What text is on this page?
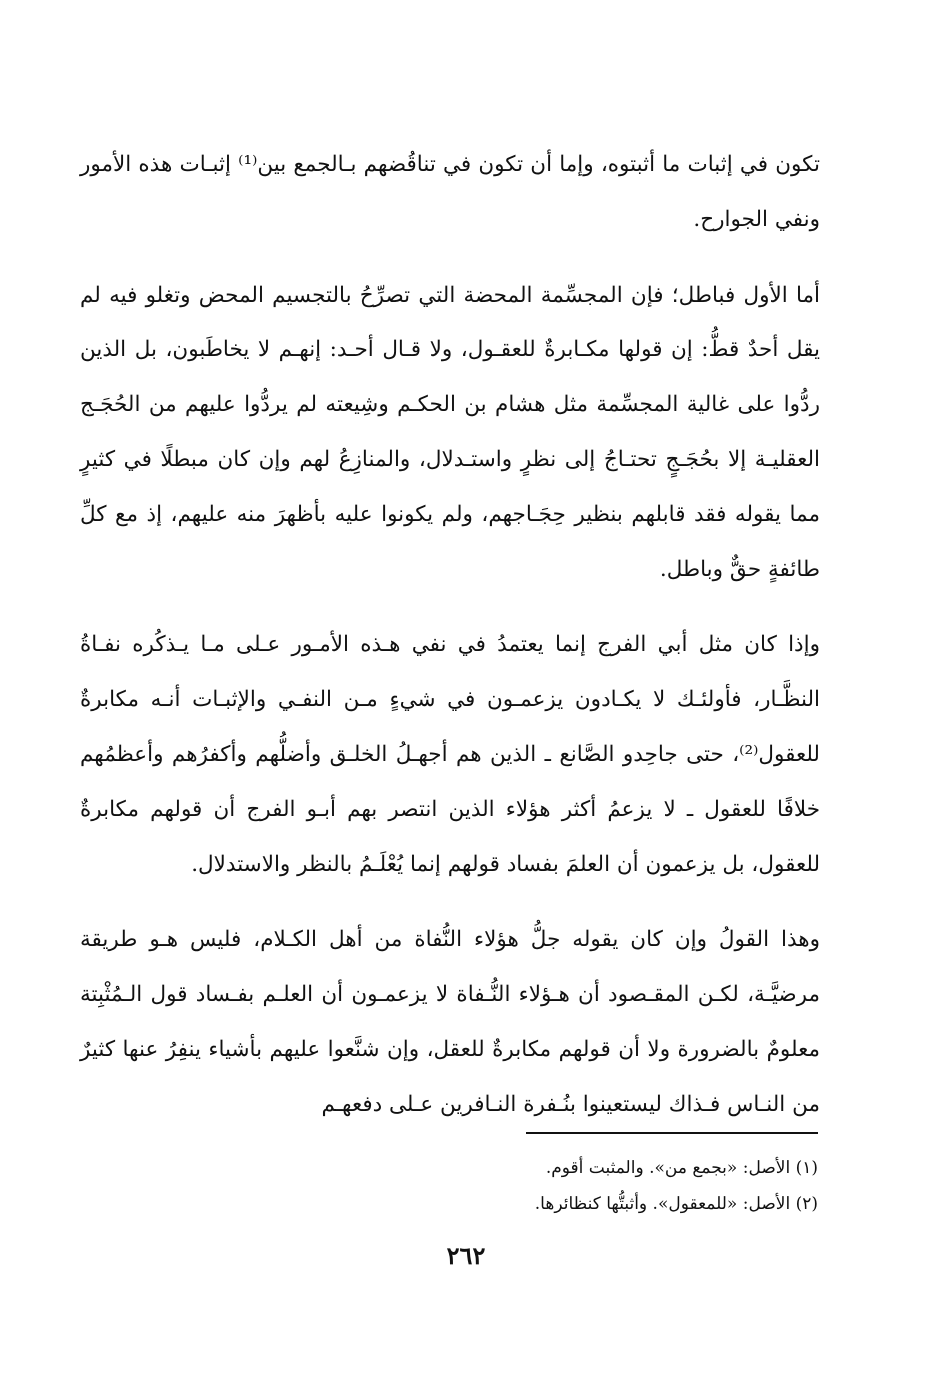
تكون في إثبات ما أثبتوه، وإما أن تكون في تناقُضهم بـالجمع بين⁽¹⁾ إثبـات هذه الأمور ونفي الجوارح.

أما الأول فباطل؛ فإن المجسِّمة المحضة التي تصرِّحُ بالتجسيم المحض وتغلو فيه لم يقل أحدٌ قطُّ: إن قولها مكـابرةٌ للعقـول، ولا قـال أحـد: إنهـم لا يخاطَبون، بل الذين ردُّوا على غالية المجسِّمة مثل هشام بن الحكـم وشِيعته لم يردُّوا عليهم من الحُجَـج العقليـة إلا بحُجَـجٍ تحتـاجُ إلى نظرٍ واستـدلال، والمنازِعُ لهم وإن كان مبطلًا في كثيرٍ مما يقوله فقد قابلهم بنظير حِجَـاجهم، ولم يكونوا عليه بأظهرَ منه عليهم، إذ مع كلِّ طائفةٍ حقٌّ وباطل.

وإذا كان مثل أبي الفرج إنما يعتمدُ في نفي هـذه الأمـور عـلى مـا يـذكُره نفـاةُ النظَّـار، فأولئـك لا يكـادون يزعمـون في شيءٍ مـن النفـي والإثبـات أنـه مكابرةٌ للعقول⁽²⁾، حتى جاحِدو الصَّانع ـ الذين هم أجهـلُ الخلـق وأضلُّهم وأكفرُهم وأعظمُهم خلافًا للعقول ـ لا يزعمُ أكثر هؤلاء الذين انتصر بهم أبـو الفرج أن قولهم مكابرةٌ للعقول، بل يزعمون أن العلمَ بفساد قولهم إنما يُعْلَـمُ بالنظر والاستدلال.

وهذا القولُ وإن كان يقوله جلُّ هؤلاء النُّفاة من أهل الكـلام، فليس هـو طريقة مرضيَّـة، لكـن المقـصود أن هـؤلاء النُّـفاة لا يزعمـون أن العلـم بفـساد قول الـمُثْبِتة معلومٌ بالضرورة ولا أن قولهم مكابرةٌ للعقل، وإن شنَّعوا عليهم بأشياء ينفِرُ عنها كثيرٌ من النـاس فـذاك ليستعينوا بنُـفرة النـافرين عـلى دفعهـم

(١) الأصل: «بجمع من». والمثبت أقوم.

(٢) الأصل: «للمعقول». وأثبتُّها كنظائرها.

٢٦٢
